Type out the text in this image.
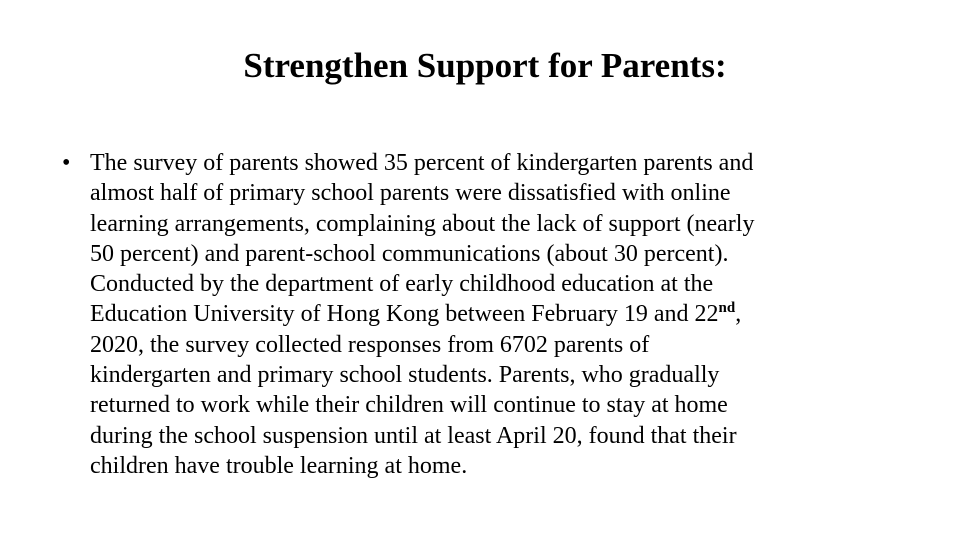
Strengthen Support for Parents:
• The survey of parents showed 35 percent of kindergarten parents and
almost half of primary school parents were dissatisfied with online
learning arrangements, complaining about the lack of support (nearly
50 percent) and parent-school communications (about 30 percent).
Conducted by the department of early childhood education at the
Education University of Hong Kong between February 19 and 22nd,
2020, the survey collected responses from 6702 parents of
kindergarten and primary school students. Parents, who gradually
returned to work while their children will continue to stay at home
during the school suspension until at least April 20, found that their
children have trouble learning at home.
